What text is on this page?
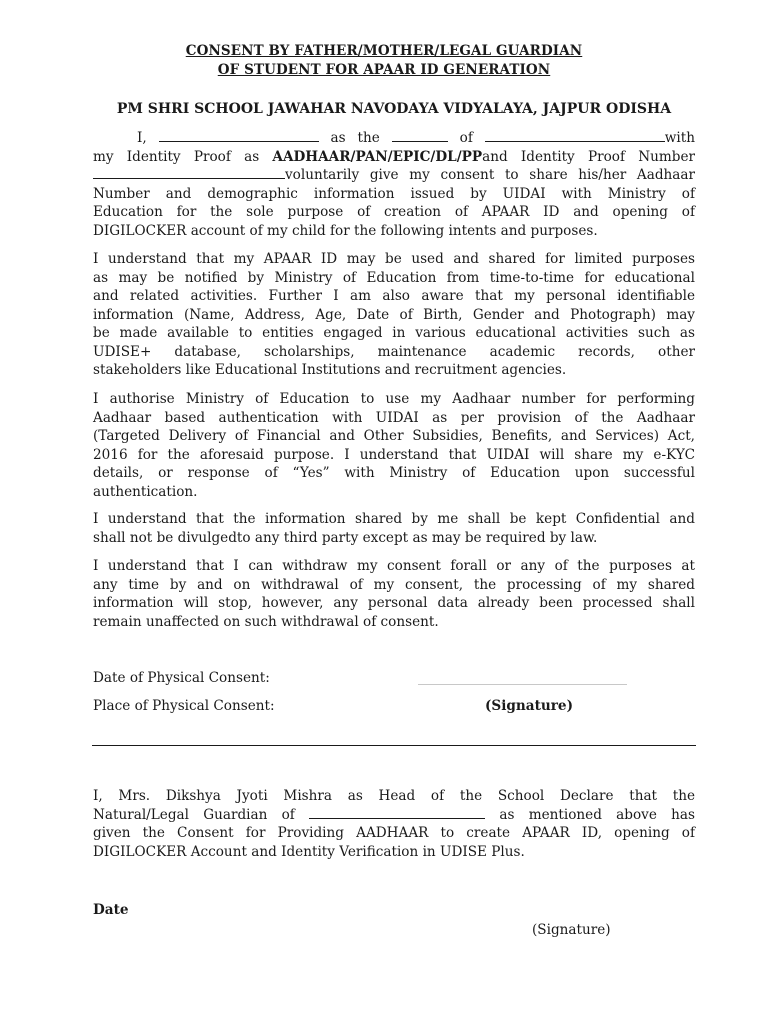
CONSENT BY FATHER/MOTHER/LEGAL GUARDIAN
OF STUDENT FOR APAAR ID GENERATION
PM SHRI SCHOOL JAWAHAR NAVODAYA VIDYALAYA, JAJPUR ODISHA
I,	as the	of	with
my Identity Proof as AADHAAR/PAN/EPIC/DL/PPand Identity Proof Number
voluntarily give my consent to share his/her Aadhaar
Number and demographic information issued by UIDAI with Ministry of
Education for the sole purpose of creation of APAAR ID and opening of
DIGILOCKER account of my child for the following intents and purposes.
I understand that my APAAR ID may be used and shared for limited purposes
as may be notified by Ministry of Education from time-to-time for educational
and related activities. Further I am also aware that my personal identifiable
information (Name, Address, Age, Date of Birth, Gender and Photograph) may
be made available to entities engaged in various educational activities such as
UDISE+ database, scholarships, maintenance academic records, other
stakeholders like Educational Institutions and recruitment agencies.
I authorise Ministry of Education to use my Aadhaar number for performing
Aadhaar based authentication with UIDAI as per provision of the Aadhaar
(Targeted Delivery of Financial and Other Subsidies, Benefits, and Services) Act,
2016 for the aforesaid purpose. I understand that UIDAI will share my e-KYC
details, or response of “Yes” with Ministry of Education upon successful
authentication.
I understand that the information shared by me shall be kept Confidential and
shall not be divulgedto any third party except as may be required by law.
I understand that I can withdraw my consent forall or any of the purposes at
any time by and on withdrawal of my consent, the processing of my shared
information will stop, however, any personal data already been processed shall
remain unaffected on such withdrawal of consent.
Date of Physical Consent:
Place of Physical Consent:	(Signature)
I, Mrs. Dikshya Jyoti Mishra as Head of the School Declare that the
Natural/Legal Guardian of	as mentioned above has
given the Consent for Providing AADHAAR to create APAAR ID, opening of
DIGILOCKER Account and Identity Verification in UDISE Plus.
Date
(Signature)
